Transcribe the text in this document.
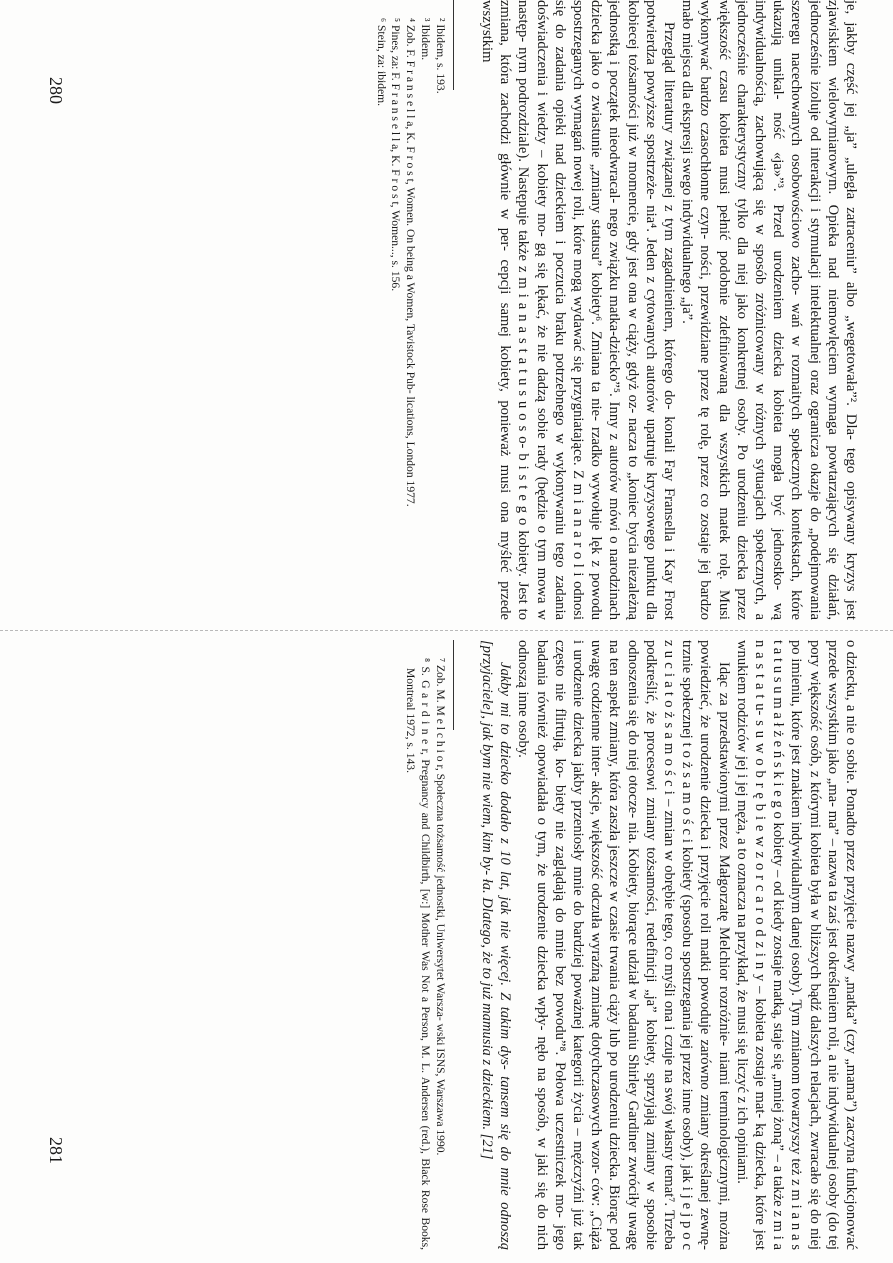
je, jakby część jej „ja” „uległa zatraceniu” albo „wegetowała”². Dla- tego opisywany kryzys jest zjawiskiem wielowymiarowym. Opieka nad niemowlęciem wymaga powtarzających się działań, jednocześnie izoluje od interakcji i stymulacji intelektualnej oraz ogranicza okazje do „podejmowania szeregu nacechowanych osobowościowo zacho- wań w rozmaitych społecznych kontekstach, które ukazują unikal- ność «ja»”³. Przed urodzeniem dziecka kobieta mogła być jednostko- wą indywidualnością, zachowującą się w sposób zróżnicowany w różnych sytuacjach społecznych, a jednocześnie charakterystyczny tylko dla niej jako konkretnej osoby. Po urodzeniu dziecka przez większość czasu kobieta musi pełnić podobnie zdefiniowaną dla wszystkich matek rolę. Musi wykonywać bardzo czasochłonne czyn- ności, przewidziane przez tę rolę, przez co zostaje jej bardzo mało miejsca dla ekspresji swego indywidualnego „ja”.

Przegląd literatury związanej z tym zagadnieniem, którego do- konali Fay Fransella i Kay Frost potwierdza powyższe spostrzeże- nia⁴. Jeden z cytowanych autorów upatruje kryzysowego punktu dla kobiecej tożsamości już w momencie, gdy jest ona w ciąży, gdyż oz- nacza to „koniec bycia niezależną jednostką i początek nieodwracal- nego związku matka-dziecko”⁵. Inny z autorów mówi o narodzinach dziecka jako o zwiastunie „zmiany statusu” kobiety⁶. Zmiana ta nie- rzadko wywołuje lęk z powodu spostrzeganych wymagań nowej roli, które mogą wydawać się przygniatające. Z m i a n a r o l i odnosi się do zadania opieki nad dzieckiem i poczucia braku potrzebnego w wykonywaniu tego zadania doświadczenia i wiedzy – kobiety mo- gą się lękać, że nie dadzą sobie rady (będzie o tym mowa w następ- nym podrozdziale). Następuje także z m i a n a s t a t u s u o s o- b i s t e g o kobiety. Jest to zmiana, która zachodzi głównie w per- cepcji samej kobiety, ponieważ musi ona myśleć przede wszystkim

² Ibidem, s. 193.

³ Ibidem.

⁴ Zob. F. F r a n s e l l a, K. F r o s t, Women. On being a Women, Tavistock Pub- lications, London 1977.

⁵ Pines, za: F. F r a n s e l l a, K. F r o s t, Women..., s. 156.

⁶ Stein, za: ibidem.

280

o dziecku, a nie o sobie. Ponadto przez przyjęcie nazwy „matka” (czy „mama”) zaczyna funkcjonować przede wszystkim jako „ma- ma” – nazwa ta zaś jest określeniem roli, a nie indywidualnej osoby (do tej pory większość osób, z którymi kobieta była w bliższych bądź dalszych relacjach, zwracało się do niej po imieniu, które jest znakiem indywidualnym danej osoby). Tym zmianom towarzyszy też z m i a n a s t a t u s u m a ł ż e ń s k i e g o kobiety – od kiedy zostaje matką, staje się „mniej żoną” – a także z m i a n a s t a t u- s u w o b r ę b i e w z o r c a r o d z i n y – kobieta zostaje mat- ką dziecka, które jest wnukiem rodziców jej i jej męża, a to oznacza na przykład, że musi się liczyć z ich opiniami.

Idąc za przedstawionymi przez Małgorzatę Melchior rozróżnie- niami terminologicznymi, można powiedzieć, że urodzenie dziecka i przyjęcie roli matki powoduje zarówno zmiany określanej zewnę- trznie społecznej t o ż s a m o ś c i kobiety (sposobu spostrzegania jej przez inne osoby), jak i j e j p o c z u c i a t o ż s a m o ś c i – zmian w obrębie tego, co myśli ona i czuje na swój własny temat⁷. Trzeba podkreślić, że procesowi zmiany tożsamości, redefinicji „ja” kobiety, sprzyjają zmiany w sposobie odnoszenia się do niej otocze- nia. Kobiety, biorące udział w badaniu Shirley Gardiner zwróciły uwagę na ten aspekt zmiany, która zaszła jeszcze w czasie trwania ciąży lub po urodzeniu dziecka. Biorąc pod uwagę codzienne inter- akcje, większość odczuła wyraźną zmianę dotychczasowych wzor- ców: „Ciąża i urodzenie dziecka jakby przeniosły mnie do bardziej poważnej kategorii życia – mężczyźni już tak często nie flirtują, ko- biety nie zaglądają do mnie bez powodu”⁸. Połowa uczestniczek mo- jego badania również opowiadała o tym, że urodzenie dziecka wpły- nęło na sposób, w jaki się do nich odnoszą inne osoby.

Jakby mi to dziecko dodało z 10 lat, jak nie więcej. Z takim dys- tansem się do mnie odnoszą [przyjaciele], jak bym nie wiem, kim by- ła. Dlatego, że to już mamusia z dzieckiem. [21]

⁷ Zob. M. M e l c h i o r, Społeczna tożsamość jednostki, Uniwersytet Warsza- wski ISNS, Warszawa 1990.

⁸ S. G a r d i n e r, Pregnancy and Childbirth, [w:] Mother Was Not a Person, M. L. Andersen (red.), Black Rose Books, Montreal 1972, s. 143.

281
